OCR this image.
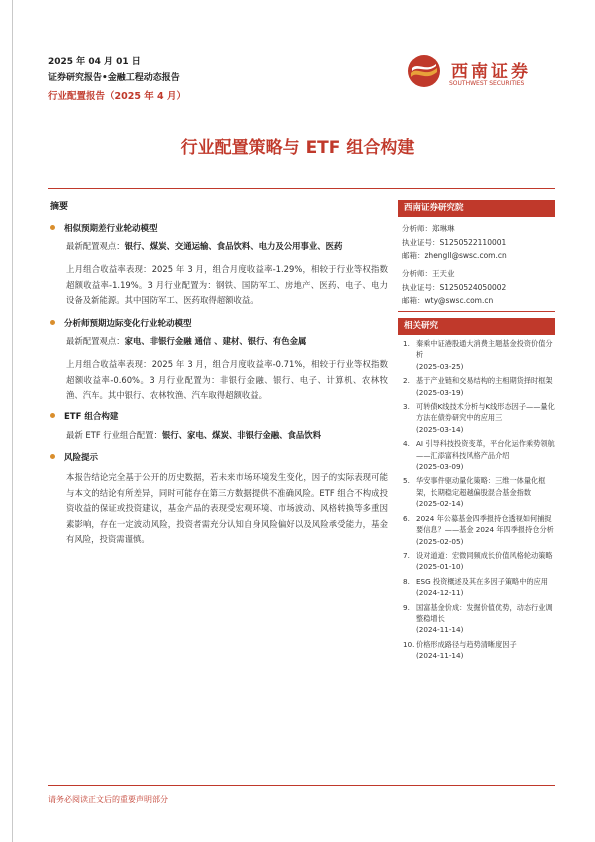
2025 年 04 月 01 日
证券研究报告•金融工程动态报告
行业配置报告（2025 年 4 月）
西南证券
SOUTHWEST SECURITIES
行业配置策略与 ETF 组合构建
摘要
相似预期差行业轮动模型

最新配置观点：银行、煤炭、交通运输、食品饮料、电力及公用事业、医药

上月组合收益率表现：2025 年 3 月，组合月度收益率-1.29%，相较于行业等权指数超额收益率-1.19%。3 月行业配置为：钢铁、国防军工、房地产、医药、电子、电力设备及新能源。其中国防军工、医药取得超额收益。

分析师预期边际变化行业轮动模型

最新配置观点：家电、非银行金融 通信 、建材、银行、有色金属

上月组合收益率表现：2025 年 3 月，组合月度收益率-0.71%，相较于行业等权指数超额收益率-0.60%。3 月行业配置为：非银行金融、银行、电子、计算机、农林牧渔、汽车。其中银行、农林牧渔、汽车取得超额收益。

ETF 组合构建

最新 ETF 行业组合配置：银行、家电、煤炭、非银行金融、食品饮料

风险提示

本报告结论完全基于公开的历史数据，若未来市场环境发生变化，因子的实际表现可能与本文的结论有所差异，同时可能存在第三方数据提供不准确风险。ETF 组合不构成投资收益的保证或投资建议，基金产品的表现受宏观环境、市场波动、风格转换等多重因素影响，存在一定波动风险，投资者需充分认知自身风险偏好以及风险承受能力，基金有风险，投资需谨慎。

西南证券研究院

分析师：郑琳琳

执业证号：S1250522110001

邮箱：zhengll@swsc.com.cn

分析师：王天业

执业证号：S1250524050002

邮箱：wty@swsc.com.cn

相关研究
1. 秦乘中证港股通大消费主题基金投资价值分析
(2025-03-25)
2. 基于产业链和交易结构的主相期货择时框架
(2025-03-19)
3. 可转债K线技术分析与K线形态因子——量化方法在债券研究中的应用三
(2025-03-14)
4. AI 引导科技投资变革，平台化运作乘势领航——汇添富科技风格产品介绍
(2025-03-09)
5. 华安事件驱动量化策略：三维一体量化框架，长期稳定超越偏股混合基金指数
(2025-02-14)
6. 2024 年公募基金四季报持仓透视如何捕捉要信息？——基金 2024 年四季报持仓分析
(2025-02-05)
7. 设对道道：宏微同频成长价值风格轮动策略
(2025-01-10)
8. ESG 投资概述及其在多因子策略中的应用
(2024-12-11)
9. 国富基金价成：发掘价值优势，动态行业调整稳增长
(2024-11-14)
10. 价格形成路径与趋势清晰度因子
(2024-11-14)
请务必阅读正文后的重要声明部分
